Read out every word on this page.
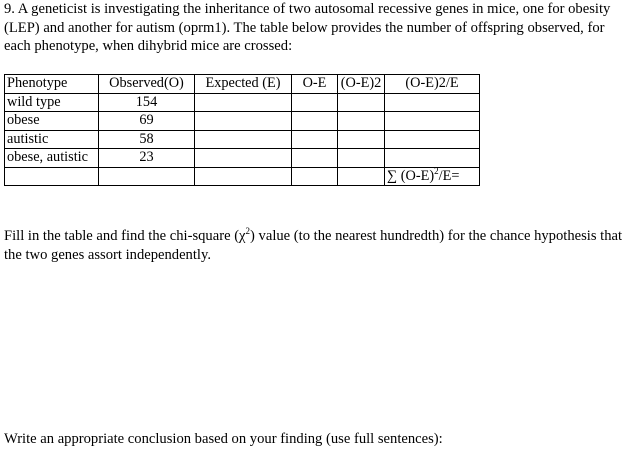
9. A geneticist is investigating the inheritance of two autosomal recessive genes in mice, one for obesity (LEP) and another for autism (oprm1). The table below provides the number of offspring observed, for each phenotype, when dihybrid mice are crossed:

Phenotype	Observed(O)	Expected (E)	O-E	(O-E)2	(O-E)2/E
wild type	154				
obese	69				
autistic	58				
obese, autistic	23				
					∑ $(O-E)^2/E=$

Fill in the table and find the chi-square $(\chi^2)$ value (to the nearest hundredth) for the chance hypothesis that the two genes assort independently.

Write an appropriate conclusion based on your finding (use full sentences):
